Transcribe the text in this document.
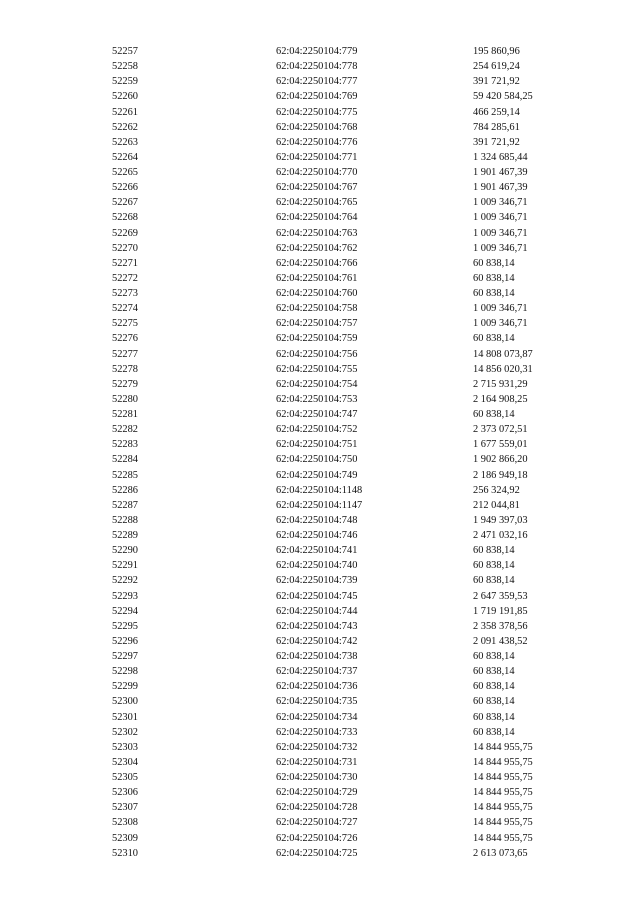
52257	62:04:2250104:779	195 860,96
52258	62:04:2250104:778	254 619,24
52259	62:04:2250104:777	391 721,92
52260	62:04:2250104:769	59 420 584,25
52261	62:04:2250104:775	466 259,14
52262	62:04:2250104:768	784 285,61
52263	62:04:2250104:776	391 721,92
52264	62:04:2250104:771	1 324 685,44
52265	62:04:2250104:770	1 901 467,39
52266	62:04:2250104:767	1 901 467,39
52267	62:04:2250104:765	1 009 346,71
52268	62:04:2250104:764	1 009 346,71
52269	62:04:2250104:763	1 009 346,71
52270	62:04:2250104:762	1 009 346,71
52271	62:04:2250104:766	60 838,14
52272	62:04:2250104:761	60 838,14
52273	62:04:2250104:760	60 838,14
52274	62:04:2250104:758	1 009 346,71
52275	62:04:2250104:757	1 009 346,71
52276	62:04:2250104:759	60 838,14
52277	62:04:2250104:756	14 808 073,87
52278	62:04:2250104:755	14 856 020,31
52279	62:04:2250104:754	2 715 931,29
52280	62:04:2250104:753	2 164 908,25
52281	62:04:2250104:747	60 838,14
52282	62:04:2250104:752	2 373 072,51
52283	62:04:2250104:751	1 677 559,01
52284	62:04:2250104:750	1 902 866,20
52285	62:04:2250104:749	2 186 949,18
52286	62:04:2250104:1148	256 324,92
52287	62:04:2250104:1147	212 044,81
52288	62:04:2250104:748	1 949 397,03
52289	62:04:2250104:746	2 471 032,16
52290	62:04:2250104:741	60 838,14
52291	62:04:2250104:740	60 838,14
52292	62:04:2250104:739	60 838,14
52293	62:04:2250104:745	2 647 359,53
52294	62:04:2250104:744	1 719 191,85
52295	62:04:2250104:743	2 358 378,56
52296	62:04:2250104:742	2 091 438,52
52297	62:04:2250104:738	60 838,14
52298	62:04:2250104:737	60 838,14
52299	62:04:2250104:736	60 838,14
52300	62:04:2250104:735	60 838,14
52301	62:04:2250104:734	60 838,14
52302	62:04:2250104:733	60 838,14
52303	62:04:2250104:732	14 844 955,75
52304	62:04:2250104:731	14 844 955,75
52305	62:04:2250104:730	14 844 955,75
52306	62:04:2250104:729	14 844 955,75
52307	62:04:2250104:728	14 844 955,75
52308	62:04:2250104:727	14 844 955,75
52309	62:04:2250104:726	14 844 955,75
52310	62:04:2250104:725	2 613 073,65
